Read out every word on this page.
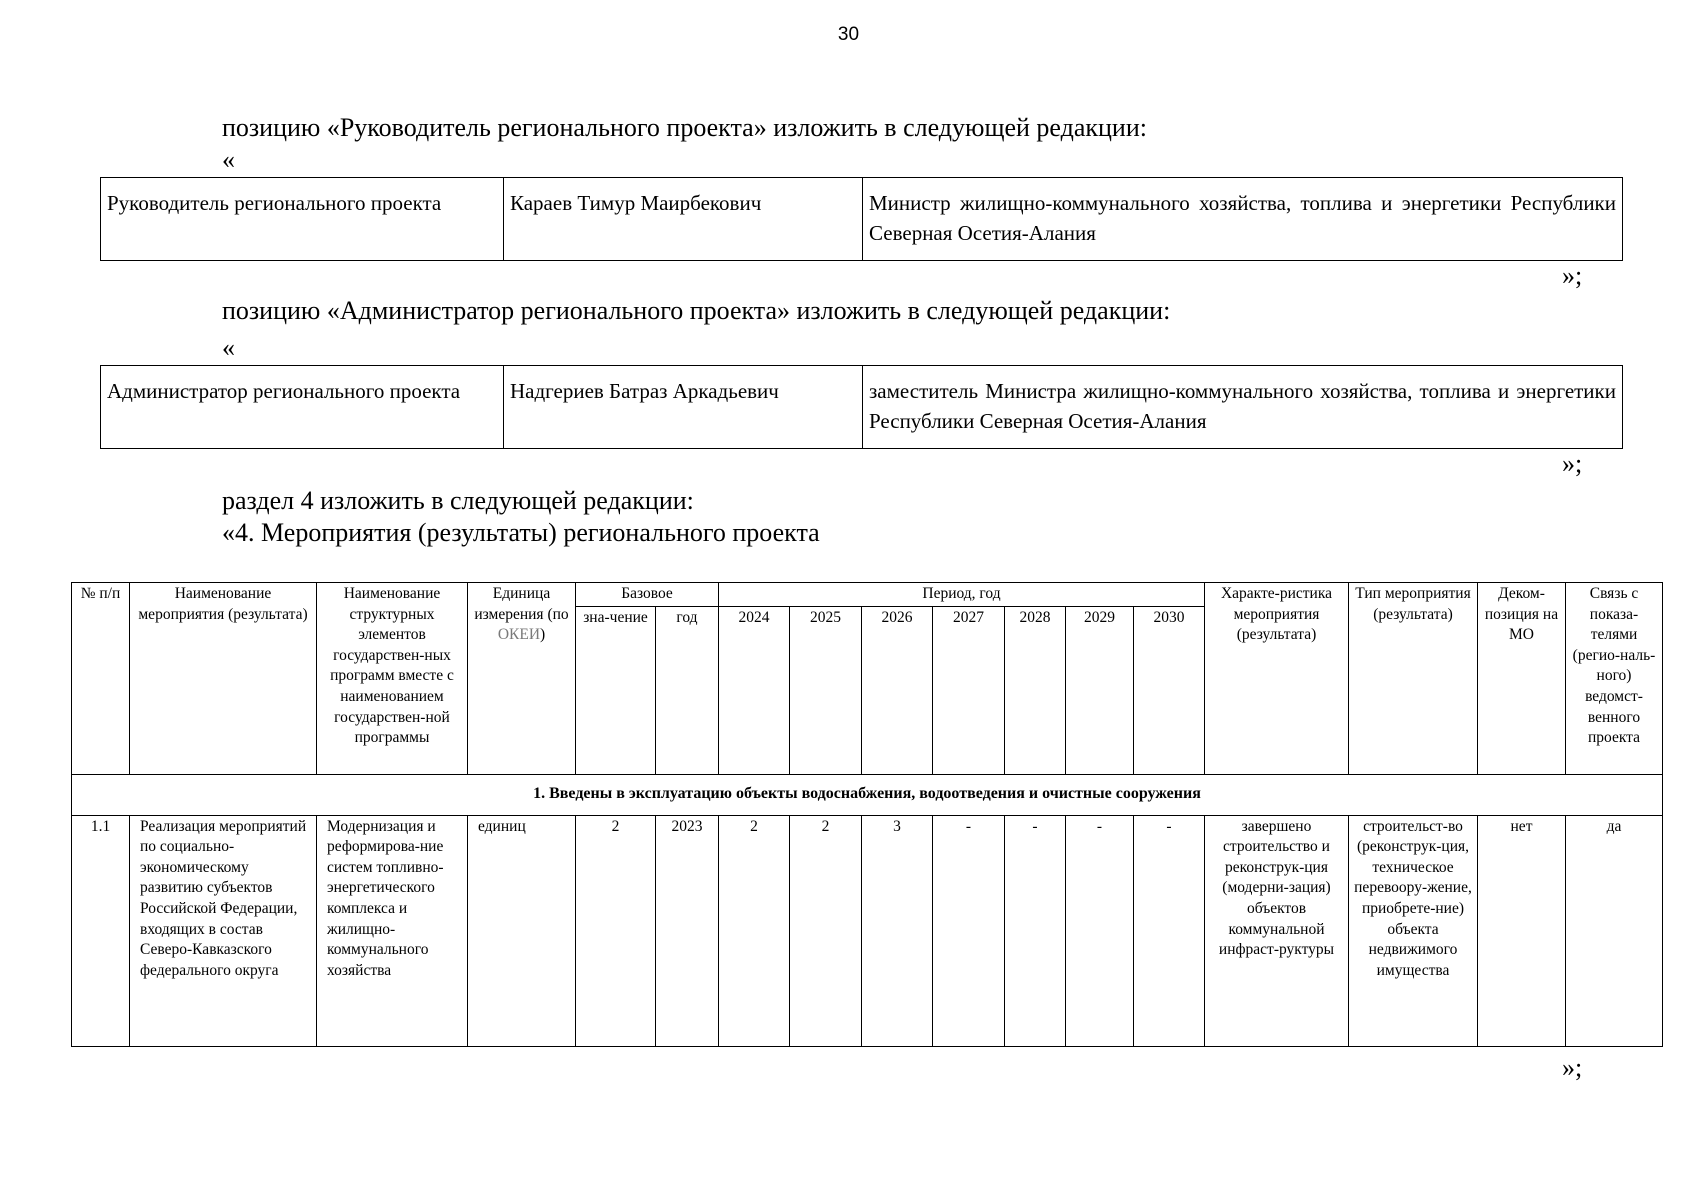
30
позицию «Руководитель регионального проекта» изложить в следующей редакции:
«
Руководитель регионального проекта	Караев Тимур Маирбекович	Министр жилищно-коммунального хозяйства, топлива и энергетики Республики Северная Осетия-Алания
»;
позицию «Администратор регионального проекта» изложить в следующей редакции:
«
Администратор регионального проекта	Надгериев Батраз Аркадьевич	заместитель Министра жилищно-коммунального хозяйства, топлива и энергетики Республики Северная Осетия-Алания
»;
раздел 4 изложить в следующей редакции:
«4. Мероприятия (результаты) регионального проекта
№ п/п	Наименование мероприятия (результата)	Наименование структурных элементов государствен-ных программ вместе с наименованием государствен-ной программы	Единица измерения (по ОКЕИ)	Базовое		Период, год							Характе-ристика мероприятия (результата)	Тип мероприятия (результата)	Деком-позиция на МО	Связь с показа-телями (регио-наль-ного) ведомст-венного проекта
				зна-чение	год	2024	2025	2026	2027	2028	2029	2030				
1. Введены в эксплуатацию объекты водоснабжения, водоотведения и очистные сооружения																
1.1	Реализация мероприятий по социально-экономическому развитию субъектов Российской Федерации, входящих в состав Северо-Кавказского федерального округа	Модернизация и реформирова-ние систем топливно-энергетического комплекса и жилищно-коммунального хозяйства	единиц	2	2023	2	2	3	-	-	-	-	завершено строительство и реконструк-ция (модерни-зация) объектов коммунальной инфраст-руктуры	строительст-во (реконструк-ция, техническое перевоору-жение, приобрете-ние) объекта недвижимого имущества	нет	да
»;
